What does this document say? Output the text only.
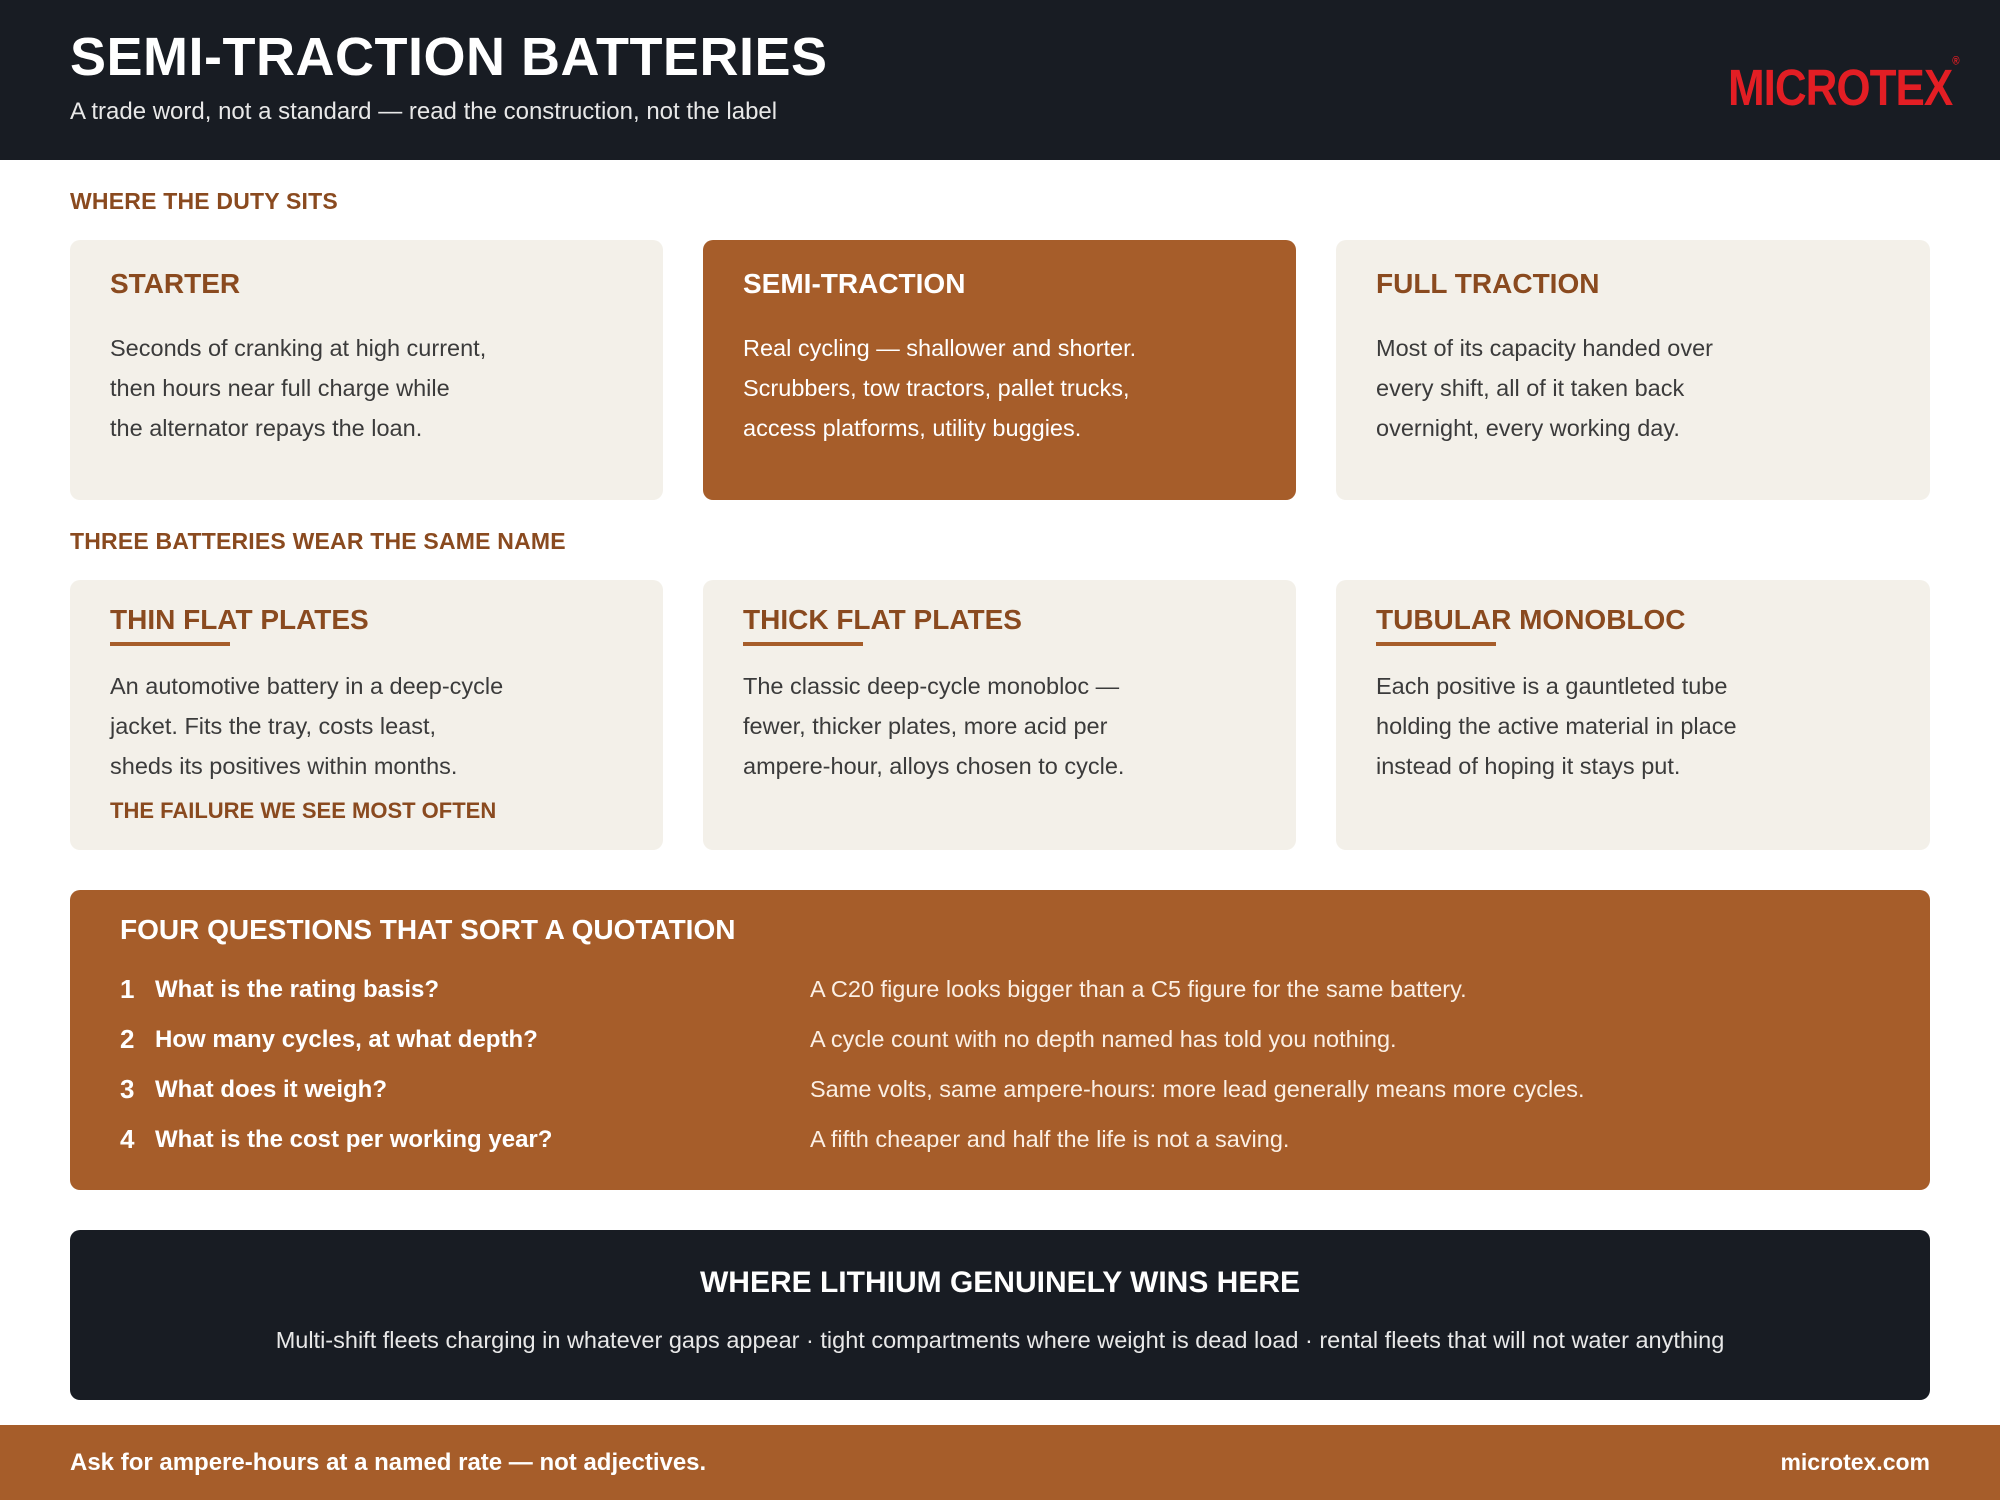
SEMI-TRACTION BATTERIES
A trade word, not a standard — read the construction, not the label	MICROTEX®
WHERE THE DUTY SITS
STARTER
Seconds of cranking at high current,
then hours near full charge while
the alternator repays the loan.
SEMI-TRACTION
Real cycling — shallower and shorter.
Scrubbers, tow tractors, pallet trucks,
access platforms, utility buggies.
FULL TRACTION
Most of its capacity handed over
every shift, all of it taken back
overnight, every working day.
THREE BATTERIES WEAR THE SAME NAME
THIN FLAT PLATES
An automotive battery in a deep-cycle
jacket. Fits the tray, costs least,
sheds its positives within months.
THE FAILURE WE SEE MOST OFTEN
THICK FLAT PLATES
The classic deep-cycle monobloc —
fewer, thicker plates, more acid per
ampere-hour, alloys chosen to cycle.
TUBULAR MONOBLOC
Each positive is a gauntleted tube
holding the active material in place
instead of hoping it stays put.
FOUR QUESTIONS THAT SORT A QUOTATION
1 What is the rating basis?	A C20 figure looks bigger than a C5 figure for the same battery.
2 How many cycles, at what depth?	A cycle count with no depth named has told you nothing.
3 What does it weigh?	Same volts, same ampere-hours: more lead generally means more cycles.
4 What is the cost per working year?	A fifth cheaper and half the life is not a saving.
WHERE LITHIUM GENUINELY WINS HERE
Multi-shift fleets charging in whatever gaps appear · tight compartments where weight is dead load · rental fleets that will not water anything
Ask for ampere-hours at a named rate — not adjectives.	microtex.com
